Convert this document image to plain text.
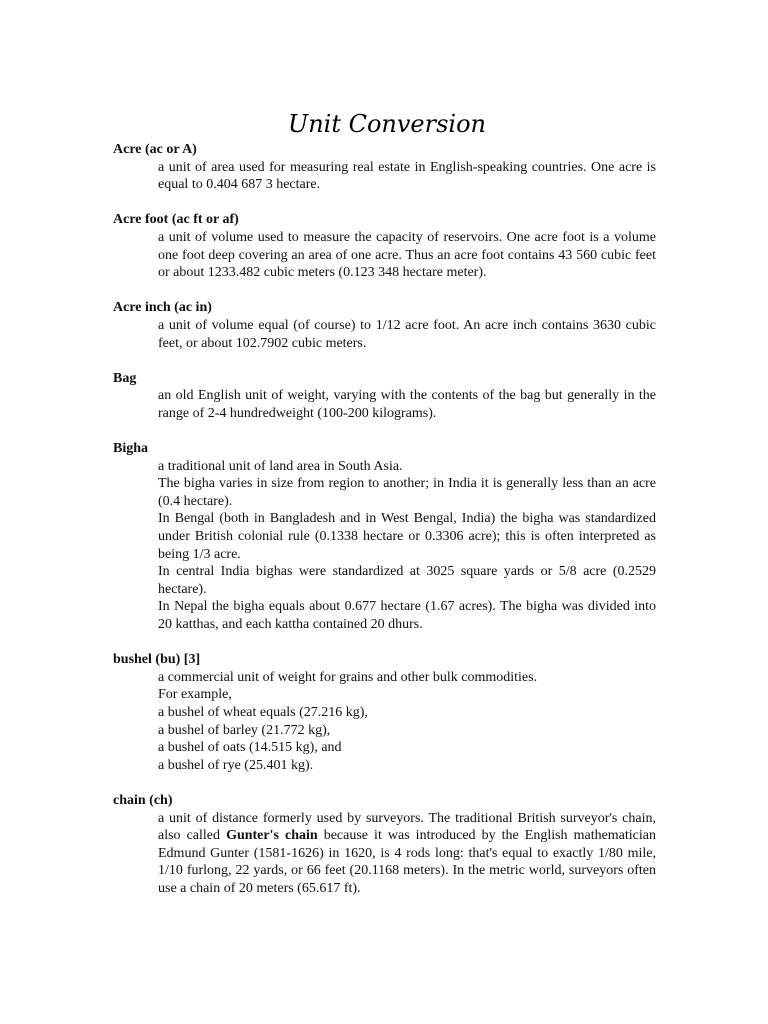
Unit Conversion
Acre (ac or A)
a unit of area used for measuring real estate in English-speaking countries. One acre is equal to 0.404 687 3 hectare.
Acre foot (ac ft or af)
a unit of volume used to measure the capacity of reservoirs. One acre foot is a volume one foot deep covering an area of one acre. Thus an acre foot contains 43 560 cubic feet or about 1233.482 cubic meters (0.123 348 hectare meter).
Acre inch (ac in)
a unit of volume equal (of course) to 1/12 acre foot. An acre inch contains 3630 cubic feet, or about 102.7902 cubic meters.
Bag
an old English unit of weight, varying with the contents of the bag but generally in the range of 2-4 hundredweight (100-200 kilograms).
Bigha
a traditional unit of land area in South Asia.
The bigha varies in size from region to another; in India it is generally less than an acre (0.4 hectare).
In Bengal (both in Bangladesh and in West Bengal, India) the bigha was standardized under British colonial rule (0.1338 hectare or 0.3306 acre); this is often interpreted as being 1/3 acre.
In central India bighas were standardized at 3025 square yards or 5/8 acre (0.2529 hectare).
In Nepal the bigha equals about 0.677 hectare (1.67 acres). The bigha was divided into 20 katthas, and each kattha contained 20 dhurs.
bushel (bu) [3]
a commercial unit of weight for grains and other bulk commodities.
For example,
a bushel of wheat equals (27.216 kg),
a bushel of barley (21.772 kg),
a bushel of oats (14.515 kg), and
a bushel of rye (25.401 kg).
chain (ch)
a unit of distance formerly used by surveyors. The traditional British surveyor's chain, also called Gunter's chain because it was introduced by the English mathematician Edmund Gunter (1581-1626) in 1620, is 4 rods long: that's equal to exactly 1/80 mile, 1/10 furlong, 22 yards, or 66 feet (20.1168 meters). In the metric world, surveyors often use a chain of 20 meters (65.617 ft).
